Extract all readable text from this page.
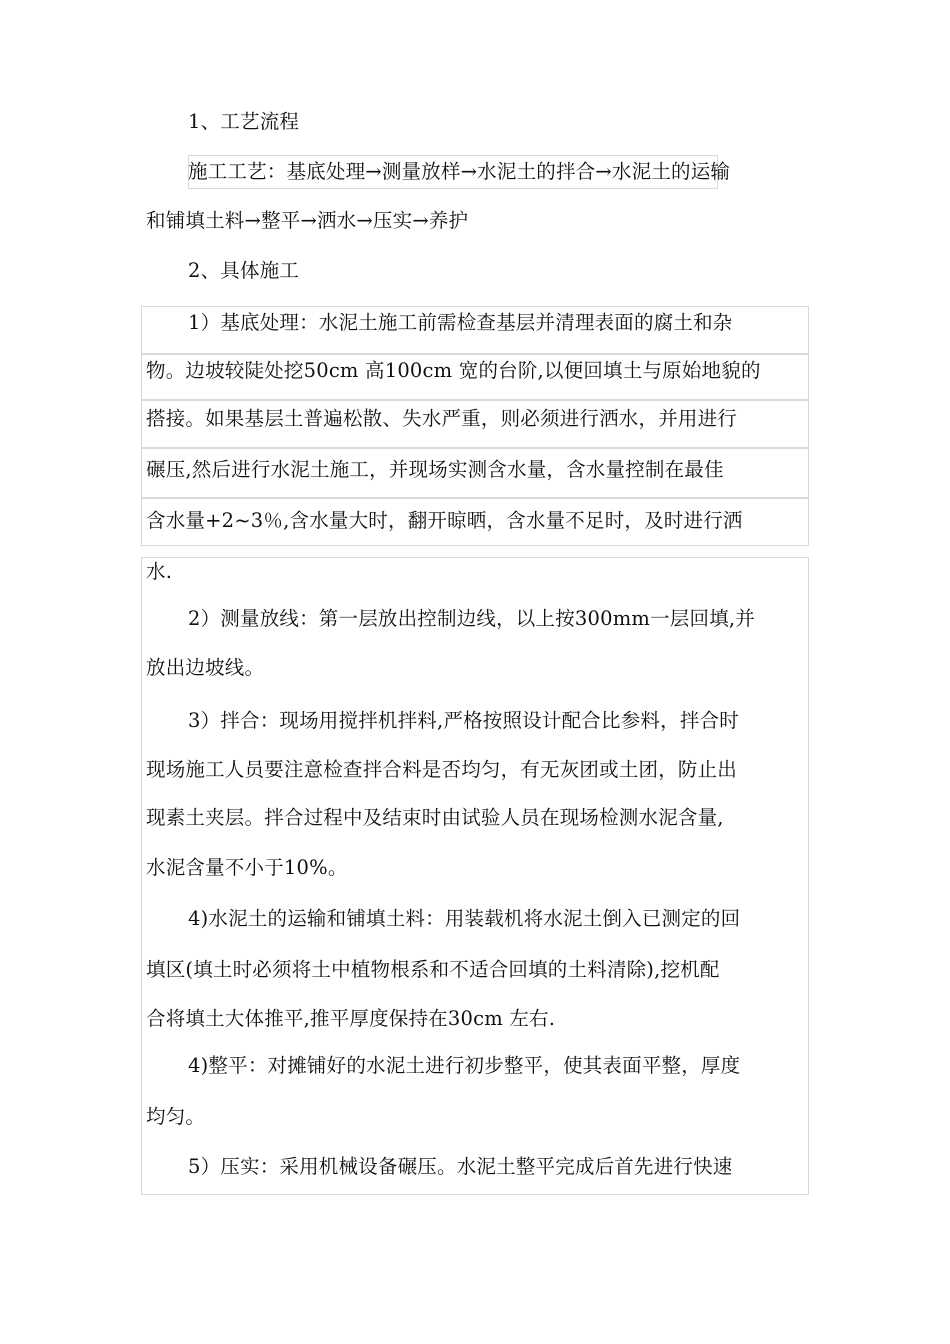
1、工艺流程
施工工艺：基底处理→测量放样→水泥土的拌合→水泥土的运输
和铺填土料→整平→洒水→压实→养护
2、具体施工
1）基底处理：水泥土施工前需检查基层并清理表面的腐土和杂
物。边坡较陡处挖50cm 高100cm 宽的台阶,以便回填土与原始地貌的
搭接。如果基层土普遍松散、失水严重，则必须进行洒水，并用进行
碾压,然后进行水泥土施工，并现场实测含水量，含水量控制在最佳
含水量+2~3％,含水量大时，翻开晾晒，含水量不足时，及时进行洒
水.
2）测量放线：第一层放出控制边线，以上按300mm一层回填,并
放出边坡线。
3）拌合：现场用搅拌机拌料,严格按照设计配合比参料，拌合时
现场施工人员要注意检查拌合料是否均匀，有无灰团或土团，防止出
现素土夹层。拌合过程中及结束时由试验人员在现场检测水泥含量,
水泥含量不小于10%。
4)水泥土的运输和铺填土料：用装载机将水泥土倒入已测定的回
填区(填土时必须将土中植物根系和不适合回填的土料清除),挖机配
合将填土大体推平,推平厚度保持在30cm 左右.
4)整平：对摊铺好的水泥土进行初步整平，使其表面平整，厚度
均匀。
5）压实：采用机械设备碾压。水泥土整平完成后首先进行快速
